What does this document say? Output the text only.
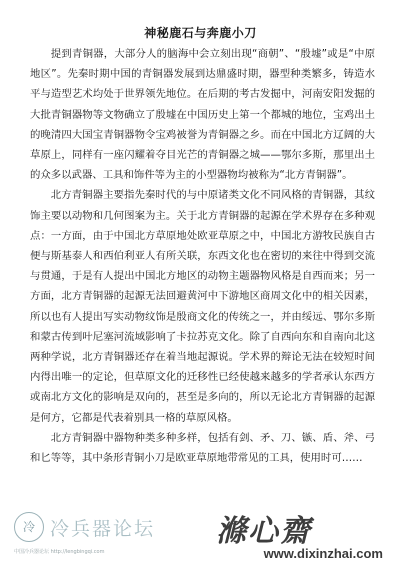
神秘鹿石与奔鹿小刀

提到青铜器，大部分人的脑海中会立刻出现“商朝”、“殷墟”或是“中原地区”。先秦时期中国的青铜器发展到达鼎盛时期，器型种类繁多，铸造水平与造型艺术均处于世界领先地位。在后期的考古发掘中，河南安阳发掘的大批青铜器物等文物确立了殷墟在中国历史上第一个都城的地位，宝鸡出土的晚清四大国宝青铜器物令宝鸡被誉为青铜器之乡。而在中国北方辽阔的大草原上，同样有一座闪耀着夺目光芒的青铜器之城——鄂尔多斯，那里出土的众多以武器、工具和饰件等为主的小型器物均被称为“北方青铜器”。

北方青铜器主要指先秦时代的与中原诸类文化不同风格的青铜器，其纹饰主要以动物和几何图案为主。关于北方青铜器的起源在学术界存在多种观点：一方面，由于中国北方草原地处欧亚草原之中，中国北方游牧民族自古便与斯基泰人和西伯利亚人有所关联，东西文化也在密切的来往中得到交流与贯通，于是有人提出中国北方地区的动物主题器物风格是自西而来；另一方面，北方青铜器的起源无法回避黄河中下游地区商周文化中的相关因素，所以也有人提出写实动物纹饰是殷商文化的传统之一，并由绥远、鄂尔多斯和蒙古传到叶尼塞河流域影响了卡拉苏克文化。除了自西向东和自南向北这两种学说，北方青铜器还存在着当地起源说。学术界的辩论无法在较短时间内得出唯一的定论，但草原文化的迁移性已经使越来越多的学者承认东西方或南北方文化的影响是双向的，甚至是多向的，所以无论北方青铜器的起源是何方，它都是代表着别具一格的草原风格。

北方青铜器中器物种类多种多样，包括有剑、矛、刀、镞、盾、斧、弓和匕等等，其中条形青铜小刀是欧亚草原地带常见的工具，使用时可……

冷 冷兵器论坛
中国冷兵器论坛 http://lengbingqi.com
滌心齋
www.dixinzhai.com
